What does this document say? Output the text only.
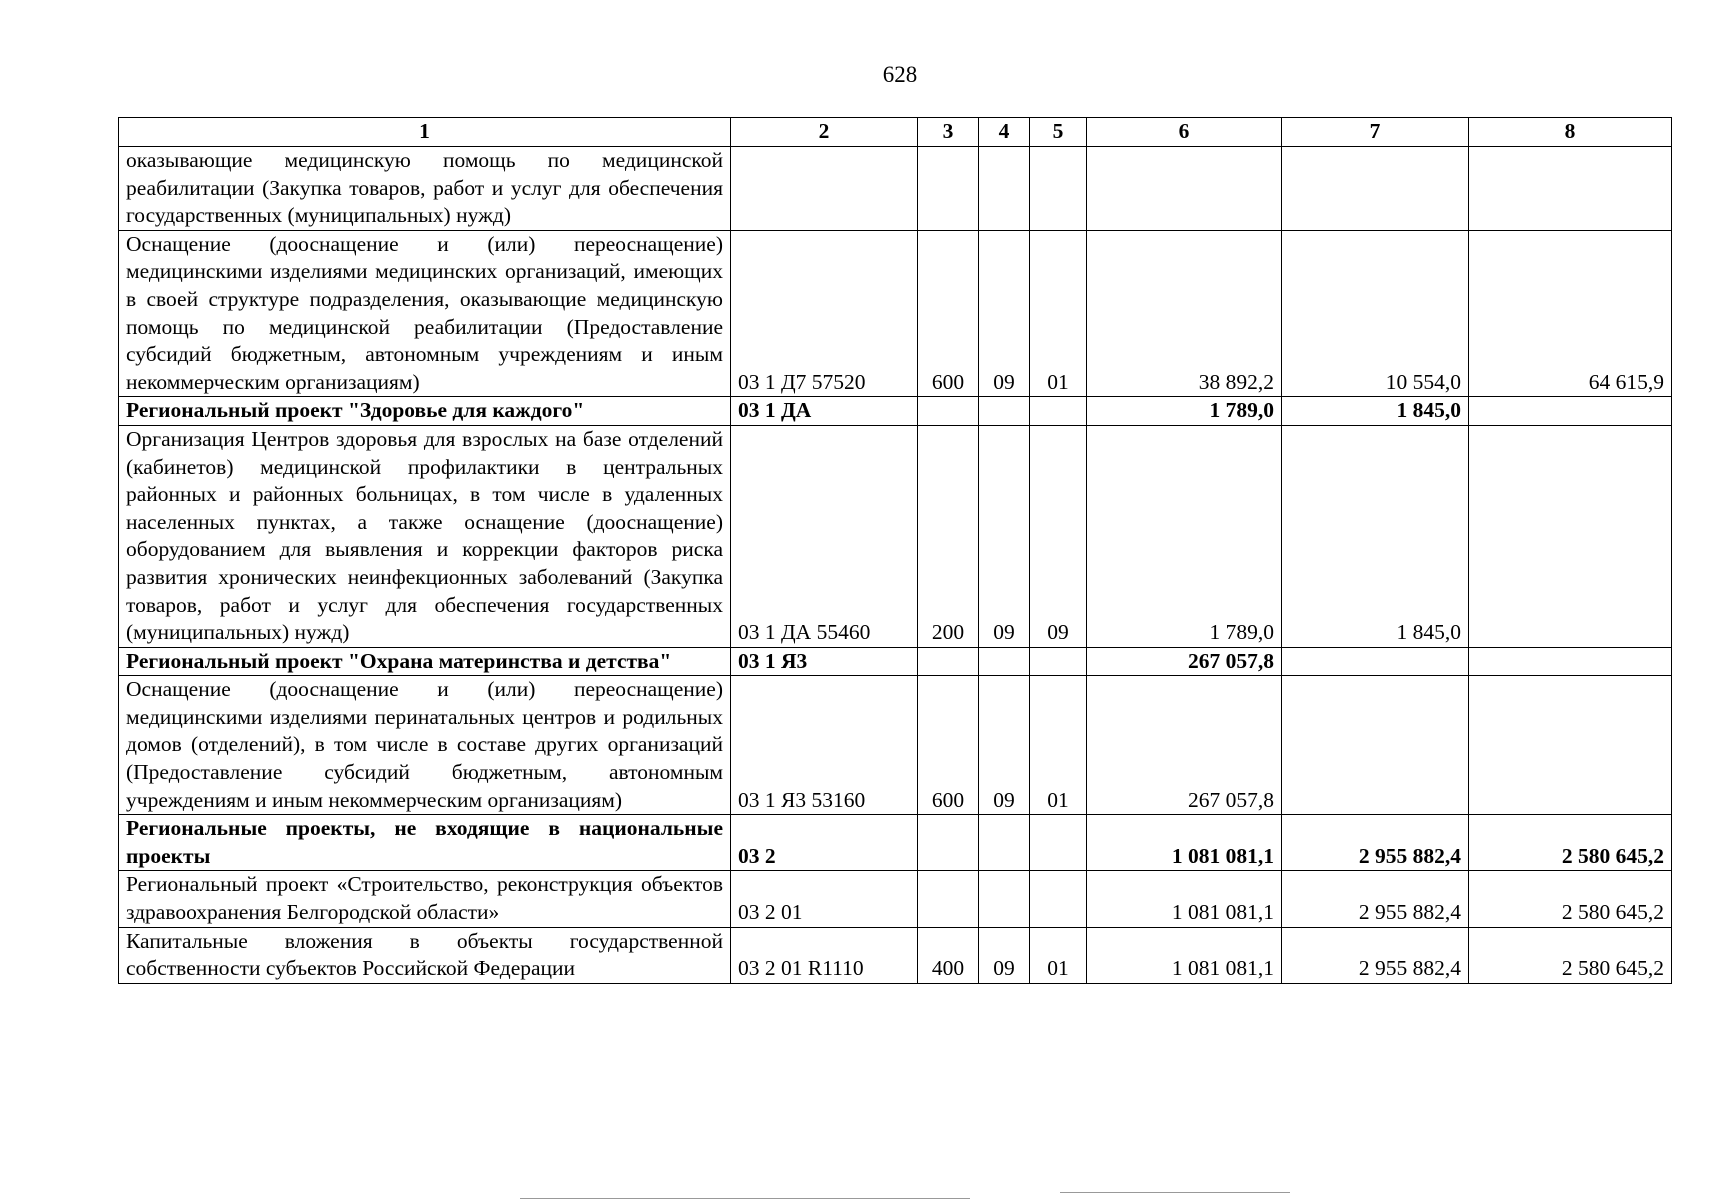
628
1	2	3	4	5	6	7	8
оказывающие медицинскую помощь по медицинской реабилитации (Закупка товаров, работ и услуг для обеспечения государственных (муниципальных) нужд)							
Оснащение (дооснащение и (или) переоснащение) медицинскими изделиями медицинских организаций, имеющих в своей структуре подразделения, оказывающие медицинскую помощь по медицинской реабилитации (Предоставление субсидий бюджетным, автономным учреждениям и иным некоммерческим организациям)	03 1 Д7 57520	600	09	01	38 892,2	10 554,0	64 615,9
Региональный проект "Здоровье для каждого"	03 1 ДА				1 789,0	1 845,0	
Организация Центров здоровья для взрослых на базе отделений (кабинетов) медицинской профилактики в центральных районных и районных больницах, в том числе в удаленных населенных пунктах, а также оснащение (дооснащение) оборудованием для выявления и коррекции факторов риска развития хронических неинфекционных заболеваний (Закупка товаров, работ и услуг для обеспечения государственных (муниципальных) нужд)	03 1 ДА 55460	200	09	09	1 789,0	1 845,0	
Региональный проект "Охрана материнства и детства"	03 1 Я3				267 057,8		
Оснащение (дооснащение и (или) переоснащение) медицинскими изделиями перинатальных центров и родильных домов (отделений), в том числе в составе других организаций (Предоставление субсидий бюджетным, автономным учреждениям и иным некоммерческим организациям)	03 1 Я3 53160	600	09	01	267 057,8		
Региональные проекты, не входящие в национальные проекты	03 2				1 081 081,1	2 955 882,4	2 580 645,2
Региональный проект «Строительство, реконструкция объектов здравоохранения Белгородской области»	03 2 01				1 081 081,1	2 955 882,4	2 580 645,2
Капитальные вложения в объекты государственной собственности субъектов Российской Федерации	03 2 01 R1110	400	09	01	1 081 081,1	2 955 882,4	2 580 645,2
